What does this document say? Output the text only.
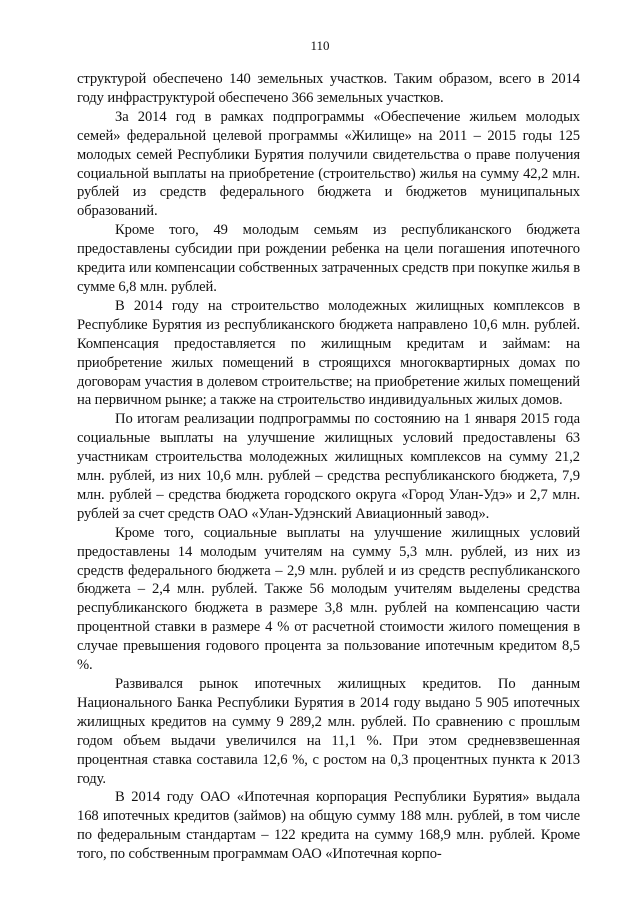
110

структурой обеспечено 140 земельных участков. Таким образом, всего в 2014 году инфраструктурой обеспечено 366 земельных участков.

За 2014 год в рамках подпрограммы «Обеспечение жильем молодых семей» федеральной целевой программы «Жилище» на 2011 – 2015 годы 125 молодых семей Республики Бурятия получили свидетельства о праве получения социальной выплаты на приобретение (строительство) жилья на сумму 42,2 млн. рублей из средств федерального бюджета и бюджетов муниципальных образований.

Кроме того, 49 молодым семьям из республиканского бюджета предоставлены субсидии при рождении ребенка на цели погашения ипотечного кредита или компенсации собственных затраченных средств при покупке жилья в сумме 6,8 млн. рублей.

В 2014 году на строительство молодежных жилищных комплексов в Республике Бурятия из республиканского бюджета направлено 10,6 млн. рублей. Компенсация предоставляется по жилищным кредитам и займам: на приобретение жилых помещений в строящихся многоквартирных домах по договорам участия в долевом строительстве; на приобретение жилых помещений на первичном рынке; а также на строительство индивидуальных жилых домов.

По итогам реализации подпрограммы по состоянию на 1 января 2015 года социальные выплаты на улучшение жилищных условий предоставлены 63 участникам строительства молодежных жилищных комплексов на сумму 21,2 млн. рублей, из них 10,6 млн. рублей – средства республиканского бюджета, 7,9 млн. рублей – средства бюджета городского округа «Город Улан-Удэ» и 2,7 млн. рублей за счет средств ОАО «Улан-Удэнский Авиационный завод».

Кроме того, социальные выплаты на улучшение жилищных условий предоставлены 14 молодым учителям на сумму 5,3 млн. рублей, из них из средств федерального бюджета – 2,9 млн. рублей и из средств республиканского бюджета – 2,4 млн. рублей. Также 56 молодым учителям выделены средства республиканского бюджета в размере 3,8 млн. рублей на компенсацию части процентной ставки в размере 4 % от расчетной стоимости жилого помещения в случае превышения годового процента за пользование ипотечным кредитом 8,5 %.

Развивался рынок ипотечных жилищных кредитов. По данным Национального Банка Республики Бурятия в 2014 году выдано 5 905 ипотечных жилищных кредитов на сумму 9 289,2 млн. рублей. По сравнению с прошлым годом объем выдачи увеличился на 11,1 %. При этом средневзвешенная процентная ставка составила 12,6 %, с ростом на 0,3 процентных пункта к 2013 году.

В 2014 году ОАО «Ипотечная корпорация Республики Бурятия» выдала 168 ипотечных кредитов (займов) на общую сумму 188 млн. рублей, в том числе по федеральным стандартам – 122 кредита на сумму 168,9 млн. рублей. Кроме того, по собственным программам ОАО «Ипотечная корпо-
